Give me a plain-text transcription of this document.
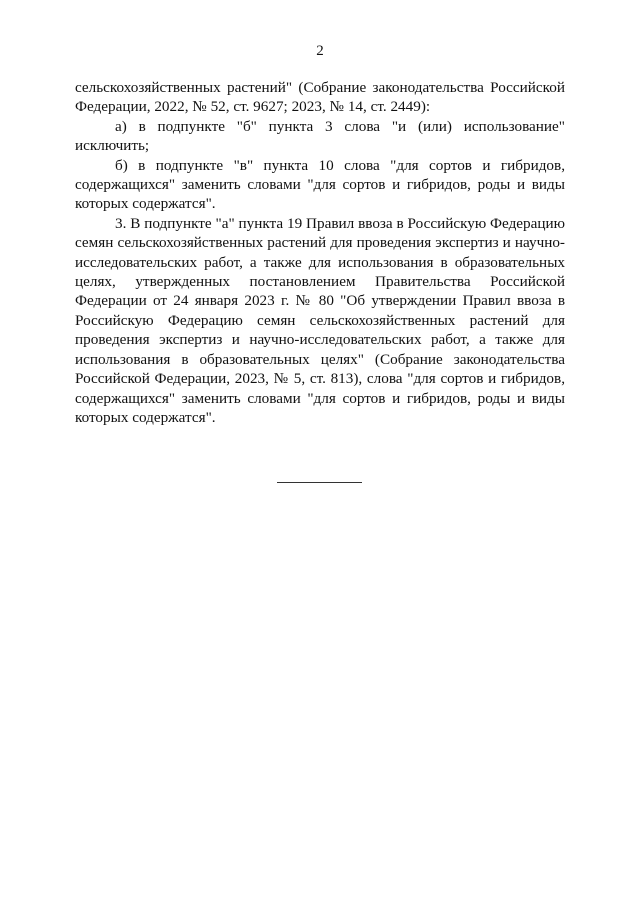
2

сельскохозяйственных растений" (Собрание законодательства Российской Федерации, 2022, № 52, ст. 9627; 2023, № 14, ст. 2449):

а) в подпункте "б" пункта 3 слова "и (или) использование" исключить;

б) в подпункте "в" пункта 10 слова "для сортов и гибридов, содержащихся" заменить словами "для сортов и гибридов, роды и виды которых содержатся".

3. В подпункте "а" пункта 19 Правил ввоза в Российскую Федерацию семян сельскохозяйственных растений для проведения экспертиз и научно-исследовательских работ, а также для использования в образовательных целях, утвержденных постановлением Правительства Российской Федерации от 24 января 2023 г. № 80 "Об утверждении Правил ввоза в Российскую Федерацию семян сельскохозяйственных растений для проведения экспертиз и научно-исследовательских работ, а также для использования в образовательных целях" (Собрание законодательства Российской Федерации, 2023, № 5, ст. 813), слова "для сортов и гибридов, содержащихся" заменить словами "для сортов и гибридов, роды и виды которых содержатся".
